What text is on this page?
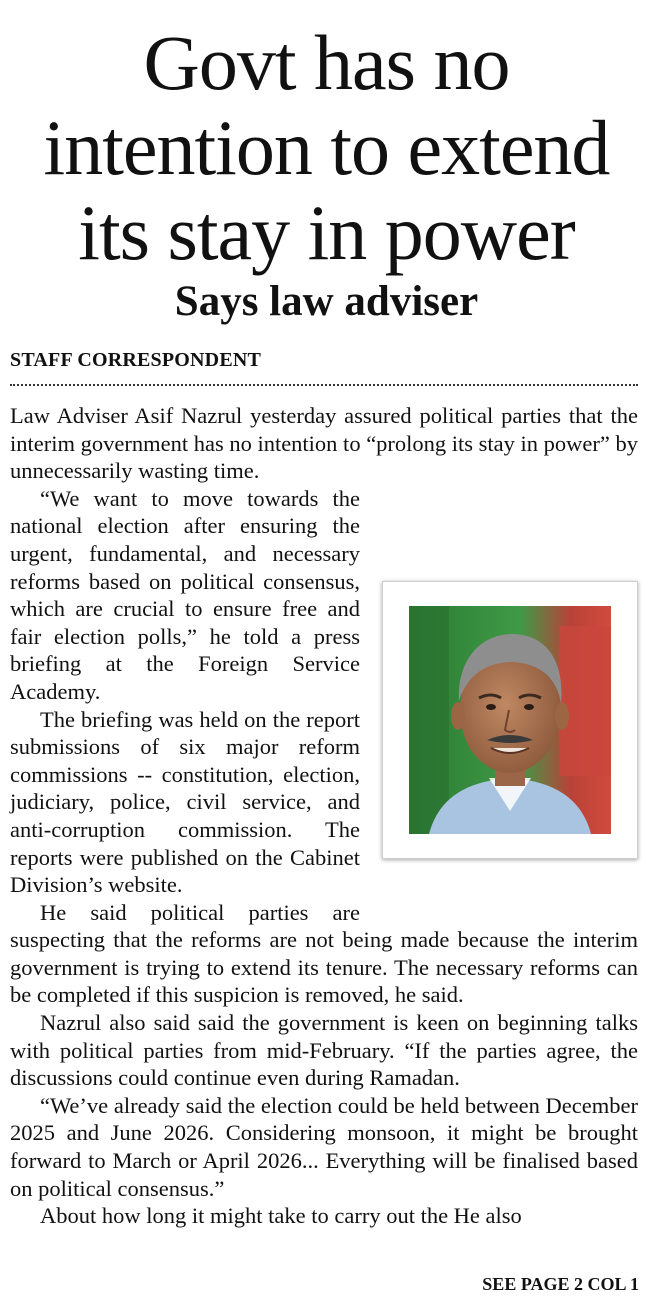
Govt has no
intention to extend
its stay in power
Says law adviser
STAFF CORRESPONDENT

Law Adviser Asif Nazrul yesterday assured political parties that the interim government has no intention to “prolong its stay in power” by unnecessarily wasting time.

“We want to move towards the national election after ensuring the urgent, fundamental, and necessary reforms based on political consensus, which are crucial to ensure free and fair election polls,” he told a press briefing at the Foreign Service Academy.

The briefing was held on the report submissions of six major reform commissions -- constitution, election, judiciary, police, civil service, and anti-corruption commission. The reports were published on the Cabinet Division’s website.

He said political parties are suspecting that the reforms are not being made because the interim government is trying to extend its tenure. The necessary reforms can be completed if this suspicion is removed, he said.

Nazrul also said said the government is keen on beginning talks with political parties from mid-February. “If the parties agree, the discussions could continue even during Ramadan.

“We’ve already said the election could be held between December 2025 and June 2026. Considering monsoon, it might be brought forward to March or April 2026... Everything will be finalised based on political consensus.”

About how long it might take to carry out the He also

SEE PAGE 2 COL 1
